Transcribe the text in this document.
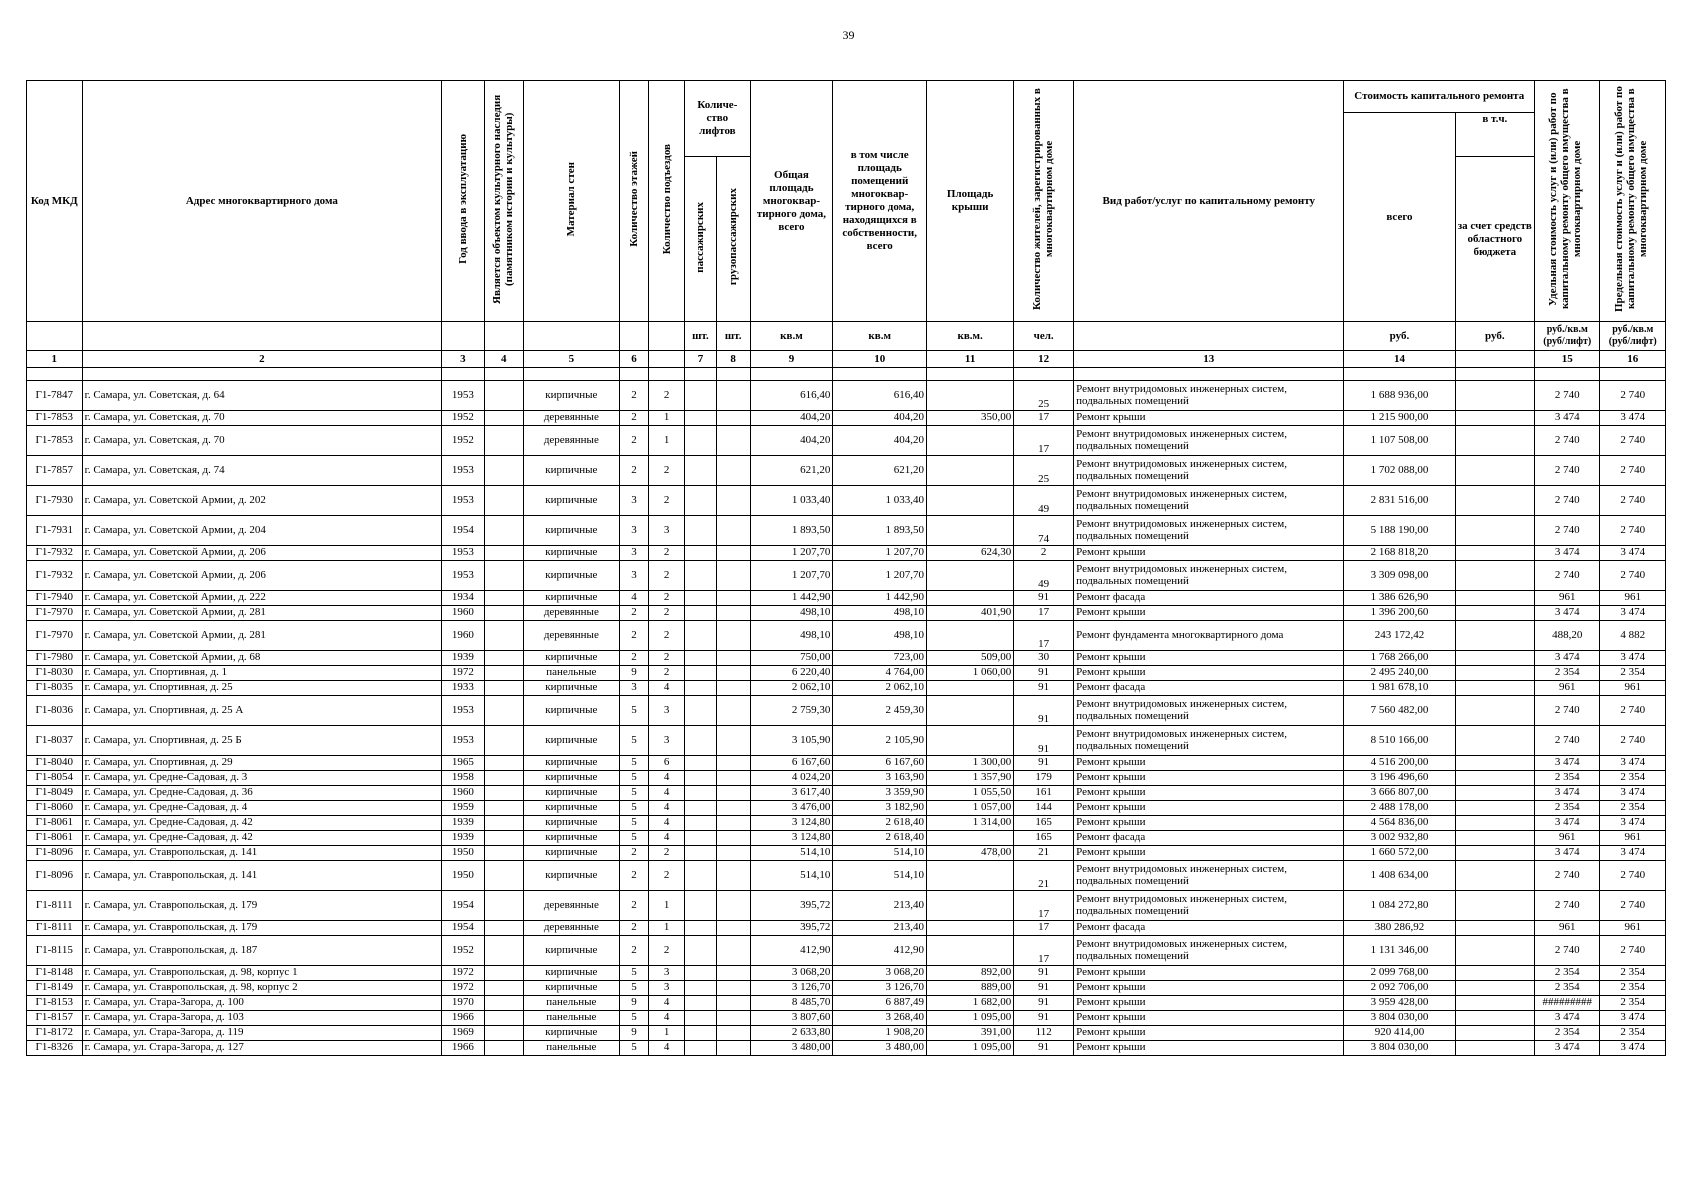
39
Код МКД	Адрес многоквартирного дома	Год ввода в эксплуатацию	Является объектом культурного наследия (памятником истории и культуры)	Материал стен	Количество этажей	Количество подъездов	Количе-ство лифтов		Общая площадь многоквар-тирного дома, всего	в том числе площадь помещений многоквар-тирного дома, находящихся в собственности, всего	Площадь крыши	Количество жителей, зарегистрированных в многоквартирном доме	Вид работ/услуг по капитальному ремонту	Стоимость капитального ремонта		Удельная стоимость услуг и (или) работ по капитальному ремонту общего имущества в многоквартирном доме	Предельная стоимость услуг и (или) работ по капитальному ремонту общего имущества в многоквартирном доме
														всего	в т.ч.		
							пассажирских	грузопассажирских							за счет средств областного бюджета		
							шт.	шт.	кв.м	кв.м	кв.м.	чел.		руб.	руб.	руб./кв.м (руб/лифт)	руб./кв.м (руб/лифт)
1	2	3	4	5	6		7	8	9	10	11	12	13	14		15	16

Г1-7847	г. Самара, ул. Советская, д. 64	1953		кирпичные	2	2			616,40	616,40		25	Ремонт внутридомовых инженерных систем, подвальных помещений	1 688 936,00		2 740	2 740
Г1-7853	г. Самара, ул. Советская, д. 70	1952		деревянные	2	1			404,20	404,20	350,00	17	Ремонт крыши	1 215 900,00		3 474	3 474
Г1-7853	г. Самара, ул. Советская, д. 70	1952		деревянные	2	1			404,20	404,20		17	Ремонт внутридомовых инженерных систем, подвальных помещений	1 107 508,00		2 740	2 740
Г1-7857	г. Самара, ул. Советская, д. 74	1953		кирпичные	2	2			621,20	621,20		25	Ремонт внутридомовых инженерных систем, подвальных помещений	1 702 088,00		2 740	2 740
Г1-7930	г. Самара, ул. Советской Армии, д. 202	1953		кирпичные	3	2			1 033,40	1 033,40		49	Ремонт внутридомовых инженерных систем, подвальных помещений	2 831 516,00		2 740	2 740
Г1-7931	г. Самара, ул. Советской Армии, д. 204	1954		кирпичные	3	3			1 893,50	1 893,50		74	Ремонт внутридомовых инженерных систем, подвальных помещений	5 188 190,00		2 740	2 740
Г1-7932	г. Самара, ул. Советской Армии, д. 206	1953		кирпичные	3	2			1 207,70	1 207,70	624,30	2	Ремонт крыши	2 168 818,20		3 474	3 474
Г1-7932	г. Самара, ул. Советской Армии, д. 206	1953		кирпичные	3	2			1 207,70	1 207,70		49	Ремонт внутридомовых инженерных систем, подвальных помещений	3 309 098,00		2 740	2 740
Г1-7940	г. Самара, ул. Советской Армии, д. 222	1934		кирпичные	4	2			1 442,90	1 442,90		91	Ремонт фасада	1 386 626,90		961	961
Г1-7970	г. Самара, ул. Советской Армии, д. 281	1960		деревянные	2	2			498,10	498,10	401,90	17	Ремонт крыши	1 396 200,60		3 474	3 474
Г1-7970	г. Самара, ул. Советской Армии, д. 281	1960		деревянные	2	2			498,10	498,10		17	Ремонт фундамента многоквартирного дома	243 172,42		488,20	4 882
Г1-7980	г. Самара, ул. Советской Армии, д. 68	1939		кирпичные	2	2			750,00	723,00	509,00	30	Ремонт крыши	1 768 266,00		3 474	3 474
Г1-8030	г. Самара, ул. Спортивная, д. 1	1972		панельные	9	2			6 220,40	4 764,00	1 060,00	91	Ремонт крыши	2 495 240,00		2 354	2 354
Г1-8035	г. Самара, ул. Спортивная, д. 25	1933		кирпичные	3	4			2 062,10	2 062,10		91	Ремонт фасада	1 981 678,10		961	961
Г1-8036	г. Самара, ул. Спортивная, д. 25 А	1953		кирпичные	5	3			2 759,30	2 459,30		91	Ремонт внутридомовых инженерных систем, подвальных помещений	7 560 482,00		2 740	2 740
Г1-8037	г. Самара, ул. Спортивная, д. 25 Б	1953		кирпичные	5	3			3 105,90	2 105,90		91	Ремонт внутридомовых инженерных систем, подвальных помещений	8 510 166,00		2 740	2 740
Г1-8040	г. Самара, ул. Спортивная, д. 29	1965		кирпичные	5	6			6 167,60	6 167,60	1 300,00	91	Ремонт крыши	4 516 200,00		3 474	3 474
Г1-8054	г. Самара, ул. Средне-Садовая, д. 3	1958		кирпичные	5	4			4 024,20	3 163,90	1 357,90	179	Ремонт крыши	3 196 496,60		2 354	2 354
Г1-8049	г. Самара, ул. Средне-Садовая, д. 36	1960		кирпичные	5	4			3 617,40	3 359,90	1 055,50	161	Ремонт крыши	3 666 807,00		3 474	3 474
Г1-8060	г. Самара, ул. Средне-Садовая, д. 4	1959		кирпичные	5	4			3 476,00	3 182,90	1 057,00	144	Ремонт крыши	2 488 178,00		2 354	2 354
Г1-8061	г. Самара, ул. Средне-Садовая, д. 42	1939		кирпичные	5	4			3 124,80	2 618,40	1 314,00	165	Ремонт крыши	4 564 836,00		3 474	3 474
Г1-8061	г. Самара, ул. Средне-Садовая, д. 42	1939		кирпичные	5	4			3 124,80	2 618,40		165	Ремонт фасада	3 002 932,80		961	961
Г1-8096	г. Самара, ул. Ставропольская, д. 141	1950		кирпичные	2	2			514,10	514,10	478,00	21	Ремонт крыши	1 660 572,00		3 474	3 474
Г1-8096	г. Самара, ул. Ставропольская, д. 141	1950		кирпичные	2	2			514,10	514,10		21	Ремонт внутридомовых инженерных систем, подвальных помещений	1 408 634,00		2 740	2 740
Г1-8111	г. Самара, ул. Ставропольская, д. 179	1954		деревянные	2	1			395,72	213,40		17	Ремонт внутридомовых инженерных систем, подвальных помещений	1 084 272,80		2 740	2 740
Г1-8111	г. Самара, ул. Ставропольская, д. 179	1954		деревянные	2	1			395,72	213,40		17	Ремонт фасада	380 286,92		961	961
Г1-8115	г. Самара, ул. Ставропольская, д. 187	1952		кирпичные	2	2			412,90	412,90		17	Ремонт внутридомовых инженерных систем, подвальных помещений	1 131 346,00		2 740	2 740
Г1-8148	г. Самара, ул. Ставропольская, д. 98, корпус 1	1972		кирпичные	5	3			3 068,20	3 068,20	892,00	91	Ремонт крыши	2 099 768,00		2 354	2 354
Г1-8149	г. Самара, ул. Ставропольская, д. 98, корпус 2	1972		кирпичные	5	3			3 126,70	3 126,70	889,00	91	Ремонт крыши	2 092 706,00		2 354	2 354
Г1-8153	г. Самара, ул. Стара-Загора, д. 100	1970		панельные	9	4			8 485,70	6 887,49	1 682,00	91	Ремонт крыши	3 959 428,00		#########	2 354
Г1-8157	г. Самара, ул. Стара-Загора, д. 103	1966		панельные	5	4			3 807,60	3 268,40	1 095,00	91	Ремонт крыши	3 804 030,00		3 474	3 474
Г1-8172	г. Самара, ул. Стара-Загора, д. 119	1969		кирпичные	9	1			2 633,80	1 908,20	391,00	112	Ремонт крыши	920 414,00		2 354	2 354
Г1-8326	г. Самара, ул. Стара-Загора, д. 127	1966		панельные	5	4			3 480,00	3 480,00	1 095,00	91	Ремонт крыши	3 804 030,00		3 474	3 474
